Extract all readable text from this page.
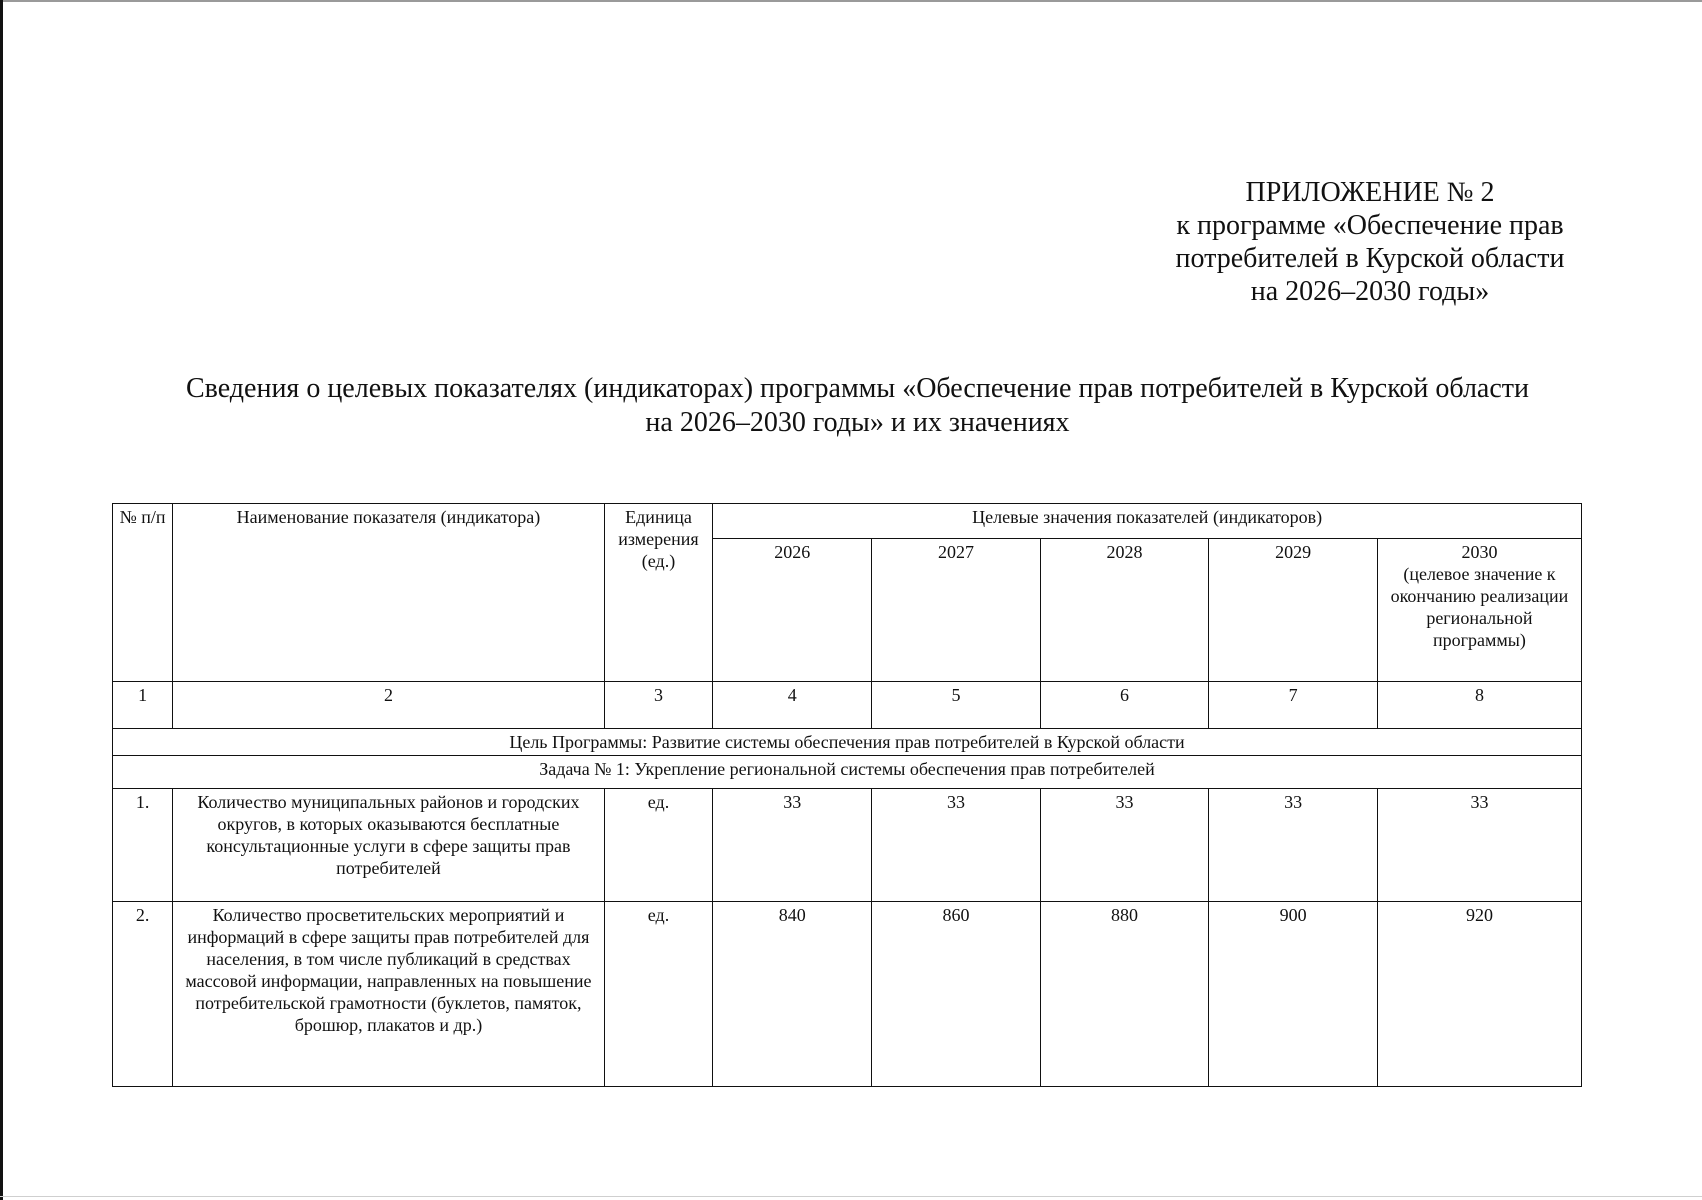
ПРИЛОЖЕНИЕ № 2
к программе «Обеспечение прав
потребителей в Курской области
на 2026–2030 годы»
Сведения о целевых показателях (индикаторах) программы «Обеспечение прав потребителей в Курской области
на 2026–2030 годы» и их значениях
№ п/п	Наименование показателя (индикатора)	Единица измерения (ед.)	Целевые значения показателей (индикаторов)				
			2026	2027	2028	2029	2030
(целевое значение к окончанию реализации региональной программы)

1	2	3	4	5	6	7	8
Цель Программы: Развитие системы обеспечения прав потребителей в Курской области							
Задача № 1: Укрепление региональной системы обеспечения прав потребителей							
1.	Количество муниципальных районов и городских округов, в которых оказываются бесплатные консультационные услуги в сфере защиты прав потребителей	ед.	33	33	33	33	33
2.	Количество просветительских мероприятий и информаций в сфере защиты прав потребителей для населения, в том числе публикаций в средствах массовой информации, направленных на повышение потребительской грамотности (буклетов, памяток, брошюр, плакатов и др.)	ед.	840	860	880	900	920
